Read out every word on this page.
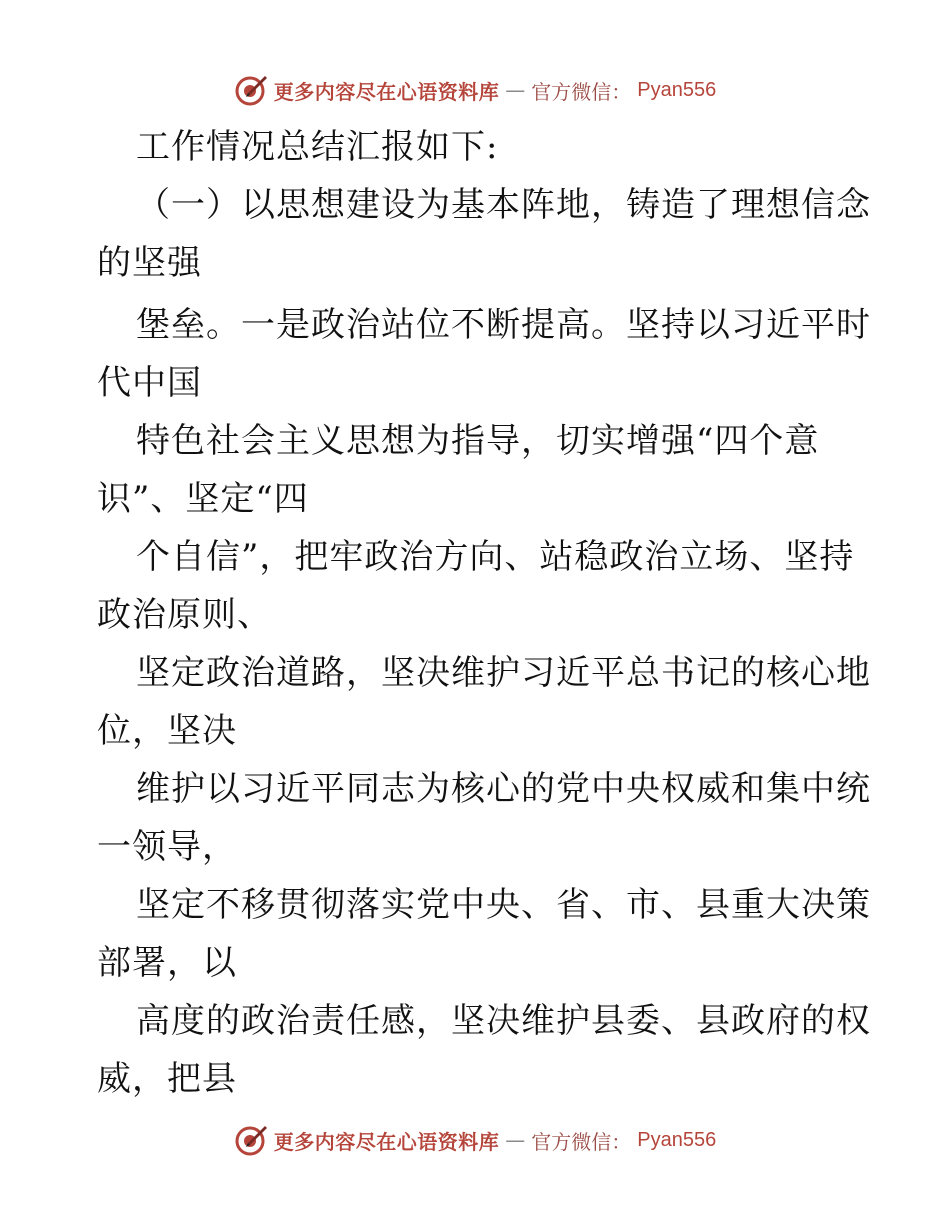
更多内容尽在心语资料库 — 官方微信： Pyan556
工作情况总结汇报如下:
（一）以思想建设为基本阵地，铸造了理想信念
的坚强
堡垒。一是政治站位不断提高。坚持以习近平时
代中国
特色社会主义思想为指导，切实增强“四个意
识”、坚定“四
个自信”，把牢政治方向、站稳政治立场、坚持
政治原则、
坚定政治道路，坚决维护习近平总书记的核心地
位，坚决
维护以习近平同志为核心的党中央权威和集中统
一领导，
坚定不移贯彻落实党中央、省、市、县重大决策
部署，以
高度的政治责任感，坚决维护县委、县政府的权
威，把县
更多内容尽在心语资料库 — 官方微信： Pyan556
